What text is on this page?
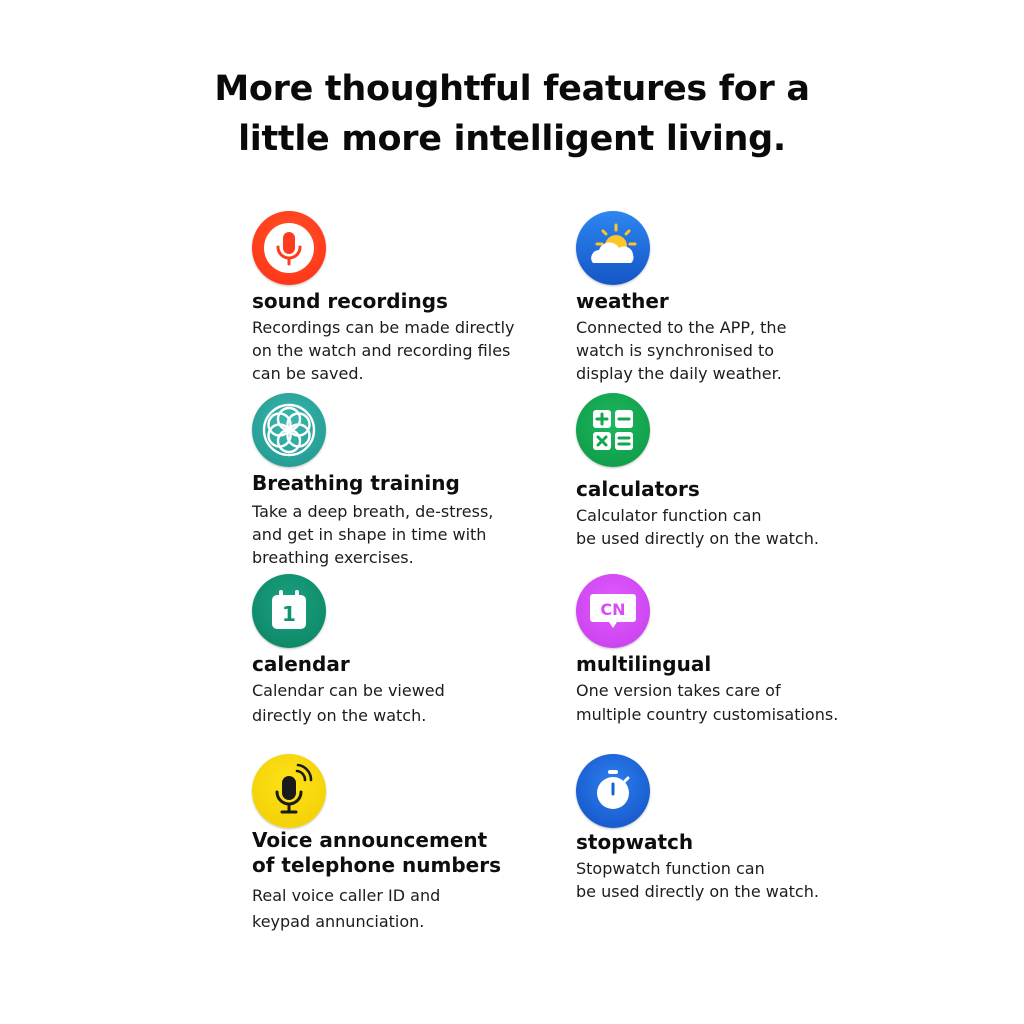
More thoughtful features for a
little more intelligent living.
sound recordings
Recordings can be made directly
on the watch and recording files
can be saved.
weather
Connected to the APP, the
watch is synchronised to
display the daily weather.
Breathing training
Take a deep breath, de-stress,
and get in shape in time with
breathing exercises.
calculators
Calculator function can
be used directly on the watch.
1
calendar
Calendar can be viewed
directly on the watch.
CN
multilingual
One version takes care of
multiple country customisations.
Voice announcement
of telephone numbers
Real voice caller ID and
keypad annunciation.
stopwatch
Stopwatch function can
be used directly on the watch.
